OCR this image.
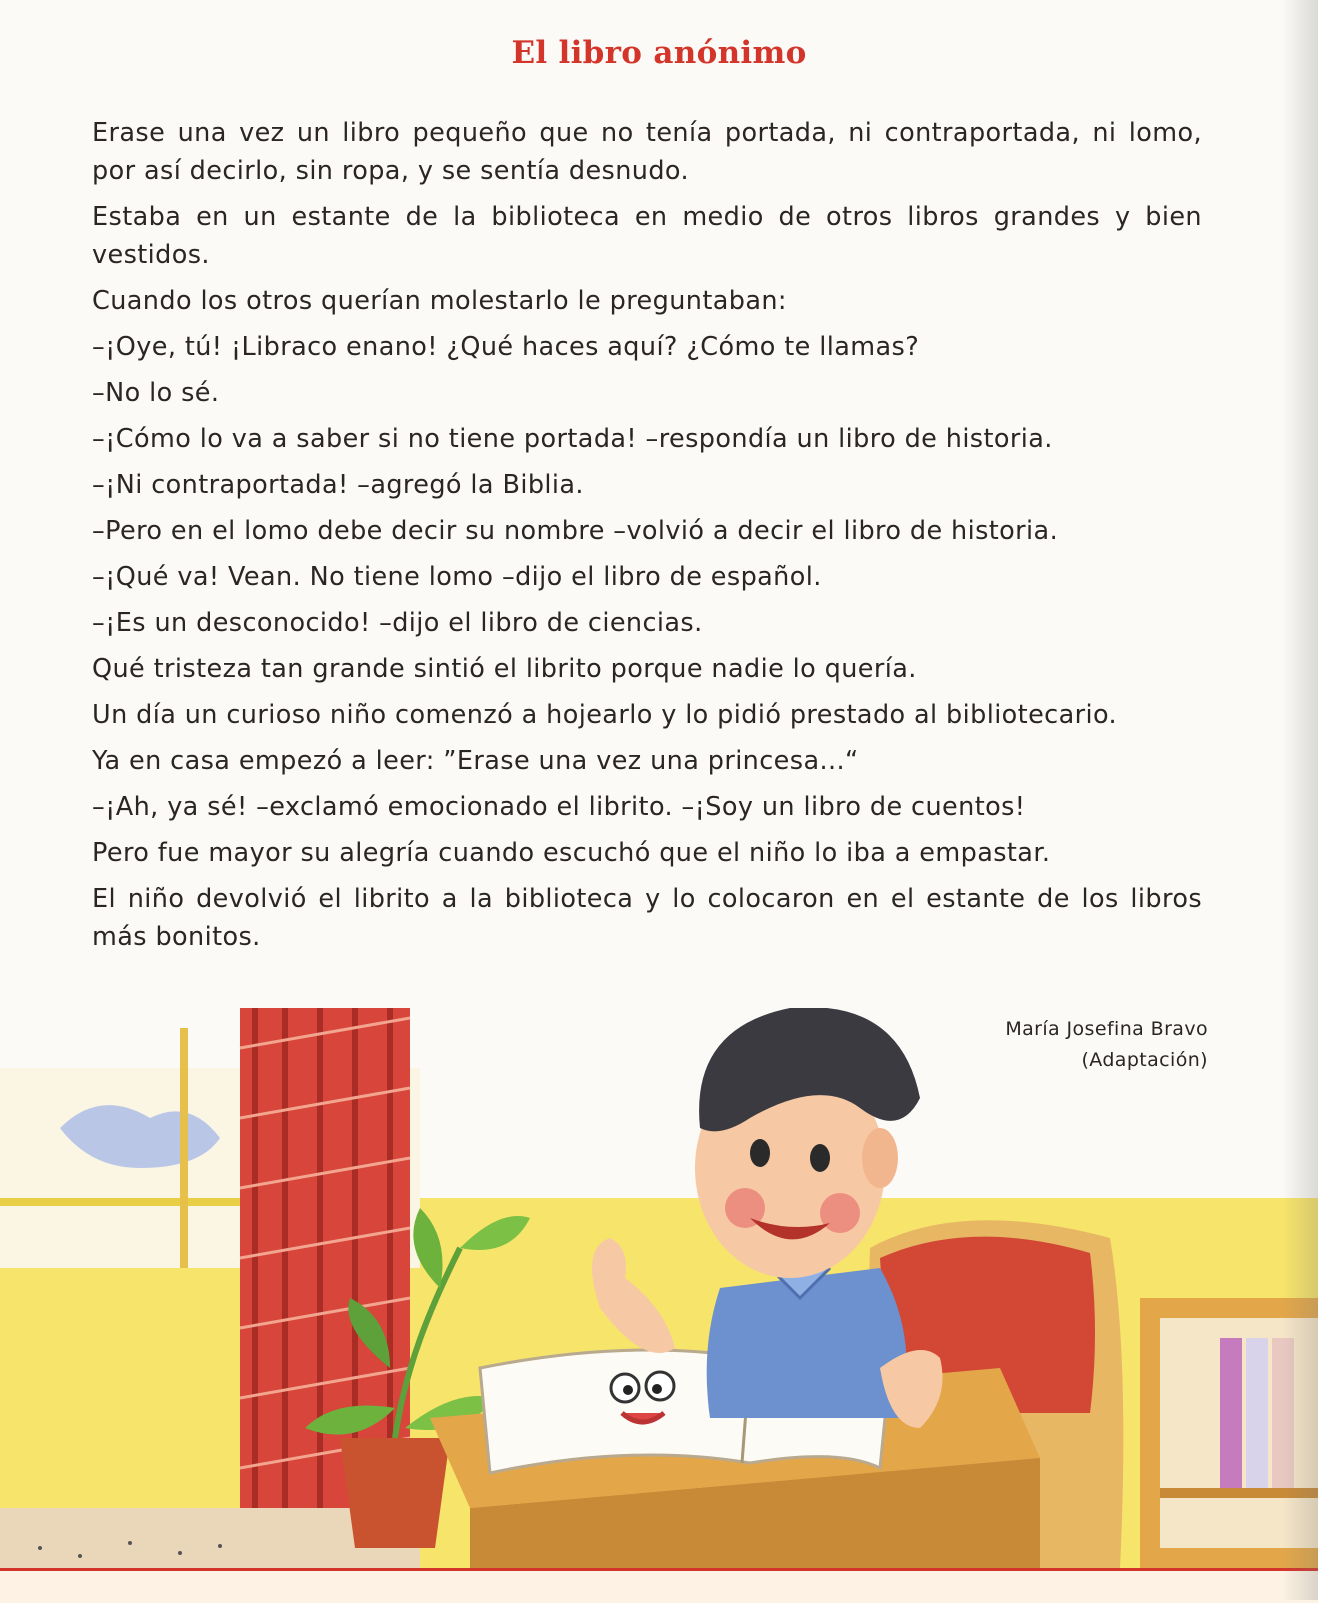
El libro anónimo

Erase una vez un libro pequeño que no tenía portada, ni contraportada, ni lomo, por así decirlo, sin ropa, y se sentía desnudo.

Estaba en un estante de la biblioteca en medio de otros libros grandes y bien vestidos.

Cuando los otros querían molestarlo le preguntaban:

–¡Oye, tú! ¡Libraco enano! ¿Qué haces aquí? ¿Cómo te llamas?

–No lo sé.

–¡Cómo lo va a saber si no tiene portada! –respondía un libro de historia.

–¡Ni contraportada! –agregó la Biblia.

–Pero en el lomo debe decir su nombre –volvió a decir el libro de historia.

–¡Qué va! Vean. No tiene lomo –dijo el libro de español.

–¡Es un desconocido! –dijo el libro de ciencias.

Qué tristeza tan grande sintió el librito porque nadie lo quería.

Un día un curioso niño comenzó a hojearlo y lo pidió prestado al bibliotecario.

Ya en casa empezó a leer: ”Erase una vez una princesa...“

–¡Ah, ya sé! –exclamó emocionado el librito. –¡Soy un libro de cuentos!

Pero fue mayor su alegría cuando escuchó que el niño lo iba a empastar.

El niño devolvió el librito a la biblioteca y lo colocaron en el estante de los libros más bonitos.

María Josefina Bravo
(Adaptación)
